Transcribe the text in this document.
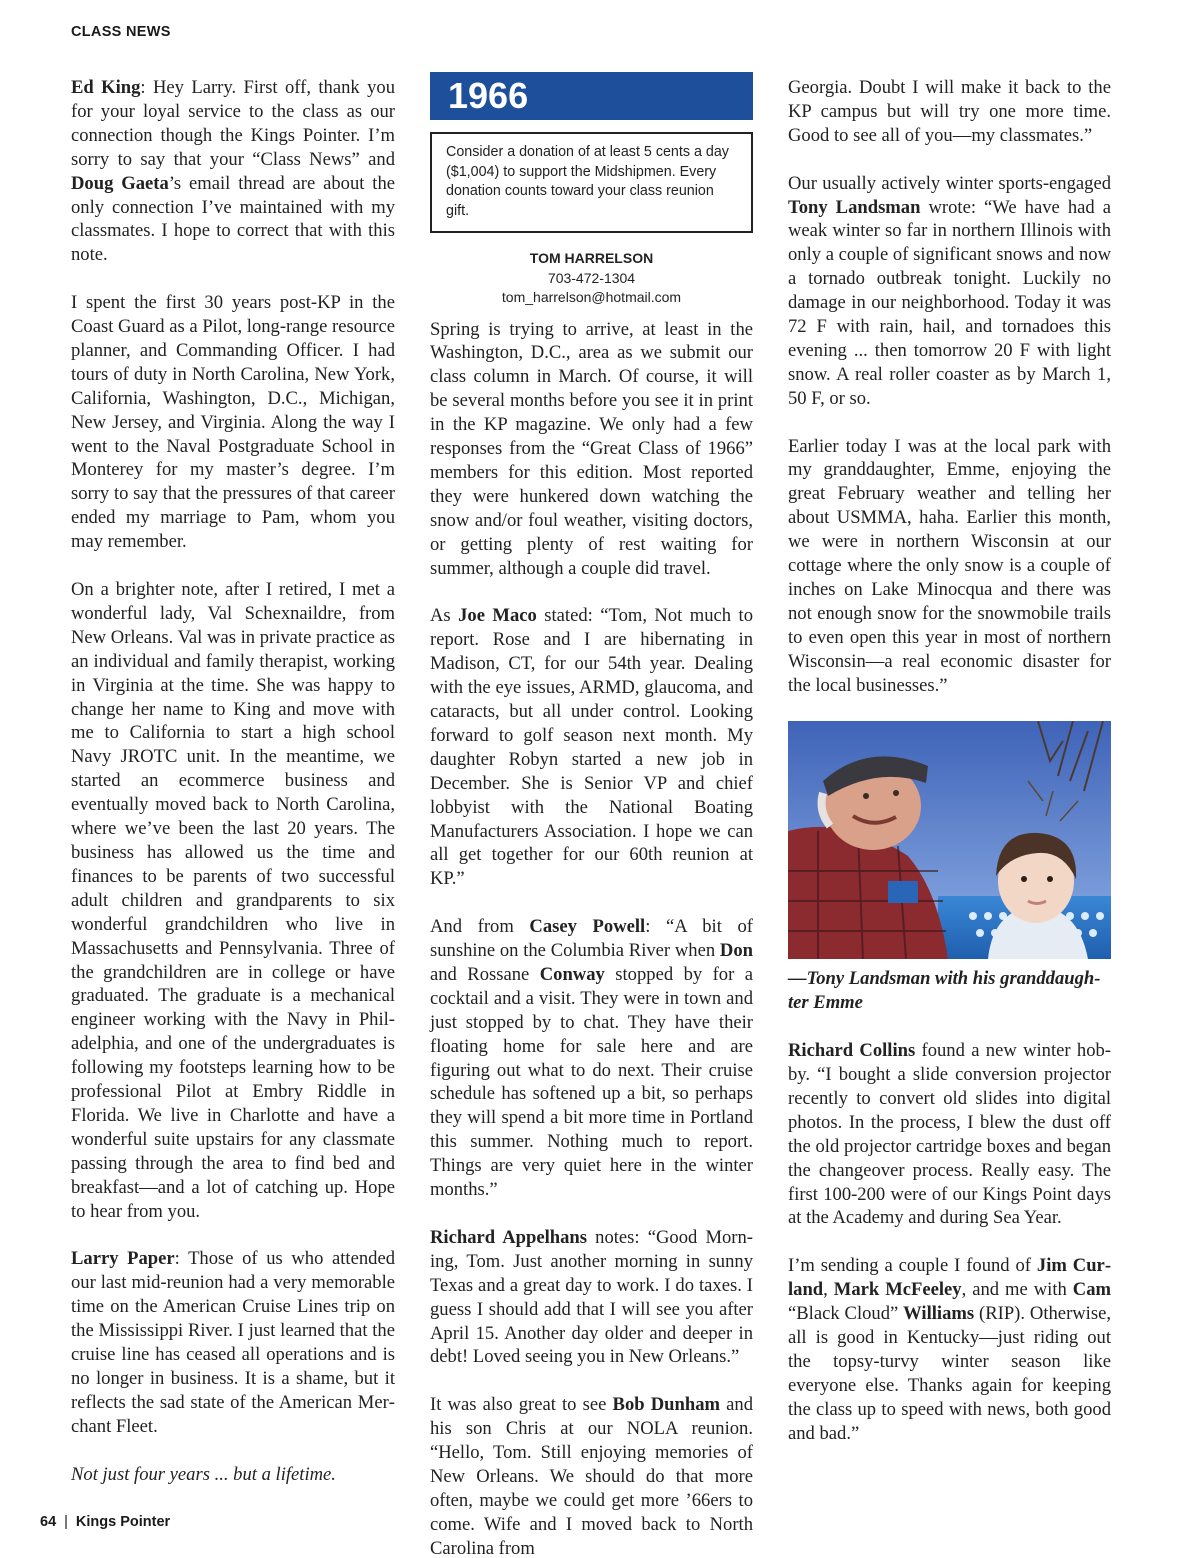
CLASS NEWS

Ed King: Hey Larry. First off, thank you for your loyal service to the class as our connection though the Kings Pointer. I’m sorry to say that your “Class News” and Doug Gaeta’s email thread are about the only connection I’ve maintained with my classmates. I hope to correct that with this note.

I spent the first 30 years post-KP in the Coast Guard as a Pilot, long-range resource planner, and Commanding Officer. I had tours of duty in North Carolina, New York, California, Washington, D.C., Michigan, New Jersey, and Virginia. Along the way I went to the Naval Postgraduate School in Monterey for my master’s degree. I’m sorry to say that the pressures of that career ended my marriage to Pam, whom you may remember.

On a brighter note, after I retired, I met a wonderful lady, Val Schexnaildre, from New Orleans. Val was in private practice as an individual and family therapist, working in Virginia at the time. She was happy to change her name to King and move with me to California to start a high school Navy JROTC unit. In the meantime, we started an ecommerce business and eventually moved back to North Carolina, where we’ve been the last 20 years. The business has allowed us the time and finances to be parents of two successful adult children and grandparents to six wonderful grandchildren who live in Massachusetts and Pennsylvania. Three of the grandchildren are in college or have graduated. The graduate is a mechanical engineer working with the Navy in Philadelphia, and one of the undergraduates is following my footsteps learning how to be professional Pilot at Embry Riddle in Florida. We live in Charlotte and have a wonderful suite upstairs for any classmate passing through the area to find bed and breakfast—and a lot of catching up. Hope to hear from you.

Larry Paper: Those of us who attended our last mid-reunion had a very memorable time on the American Cruise Lines trip on the Mississippi River. I just learned that the cruise line has ceased all operations and is no longer in business. It is a shame, but it reflects the sad state of the American Merchant Fleet.

Not just four years ... but a lifetime.

1966
Consider a donation of at least 5 cents a day ($1,004) to support the Midshipmen. Every donation counts toward your class reunion gift.
TOM HARRELSON
703-472-1304
tom_harrelson@hotmail.com

Spring is trying to arrive, at least in the Washington, D.C., area as we submit our class column in March. Of course, it will be several months before you see it in print in the KP magazine. We only had a few responses from the “Great Class of 1966” members for this edition. Most reported they were hunkered down watching the snow and/or foul weather, visiting doctors, or getting plenty of rest waiting for summer, although a couple did travel.

As Joe Maco stated: “Tom, Not much to report. Rose and I are hibernating in Madison, CT, for our 54th year. Dealing with the eye issues, ARMD, glaucoma, and cataracts, but all under control. Looking forward to golf season next month. My daughter Robyn started a new job in December. She is Senior VP and chief lobbyist with the National Boating Manufacturers Association. I hope we can all get together for our 60th reunion at KP.”

And from Casey Powell: “A bit of sunshine on the Columbia River when Don and Rossane Conway stopped by for a cocktail and a visit. They were in town and just stopped by to chat. They have their floating home for sale here and are figuring out what to do next. Their cruise schedule has softened up a bit, so perhaps they will spend a bit more time in Portland this summer. Nothing much to report. Things are very quiet here in the winter months.”

Richard Appelhans notes: “Good Morning, Tom. Just another morning in sunny Texas and a great day to work. I do taxes. I guess I should add that I will see you after April 15. Another day older and deeper in debt! Loved seeing you in New Orleans.”

It was also great to see Bob Dunham and his son Chris at our NOLA reunion. “Hello, Tom. Still enjoying memories of New Orleans. We should do that more often, maybe we could get more ’66ers to come. Wife and I moved back to North Carolina from

Georgia. Doubt I will make it back to the KP campus but will try one more time. Good to see all of you—my classmates.”

Our usually actively winter sports-engaged Tony Landsman wrote: “We have had a weak winter so far in northern Illinois with only a couple of significant snows and now a tornado outbreak tonight. Luckily no damage in our neighborhood. Today it was 72 F with rain, hail, and tornadoes this evening ... then tomorrow 20 F with light snow. A real roller coaster as by March 1, 50 F, or so.

Earlier today I was at the local park with my granddaughter, Emme, enjoying the great February weather and telling her about USMMA, haha. Earlier this month, we were in northern Wisconsin at our cottage where the only snow is a couple of inches on Lake Minocqua and there was not enough snow for the snowmobile trails to even open this year in most of northern Wisconsin—a real economic disaster for the local businesses.”

—Tony Landsman with his granddaughter Emme

Richard Collins found a new winter hobby. “I bought a slide conversion projector recently to convert old slides into digital photos. In the process, I blew the dust off the old projector cartridge boxes and began the changeover process. Really easy. The first 100-200 were of our Kings Point days at the Academy and during Sea Year.

I’m sending a couple I found of Jim Curland, Mark McFeeley, and me with Cam “Black Cloud” Williams (RIP). Otherwise, all is good in Kentucky—just riding out the topsy-turvy winter season like everyone else. Thanks again for keeping the class up to speed with news, both good and bad.”

64 | Kings Pointer
